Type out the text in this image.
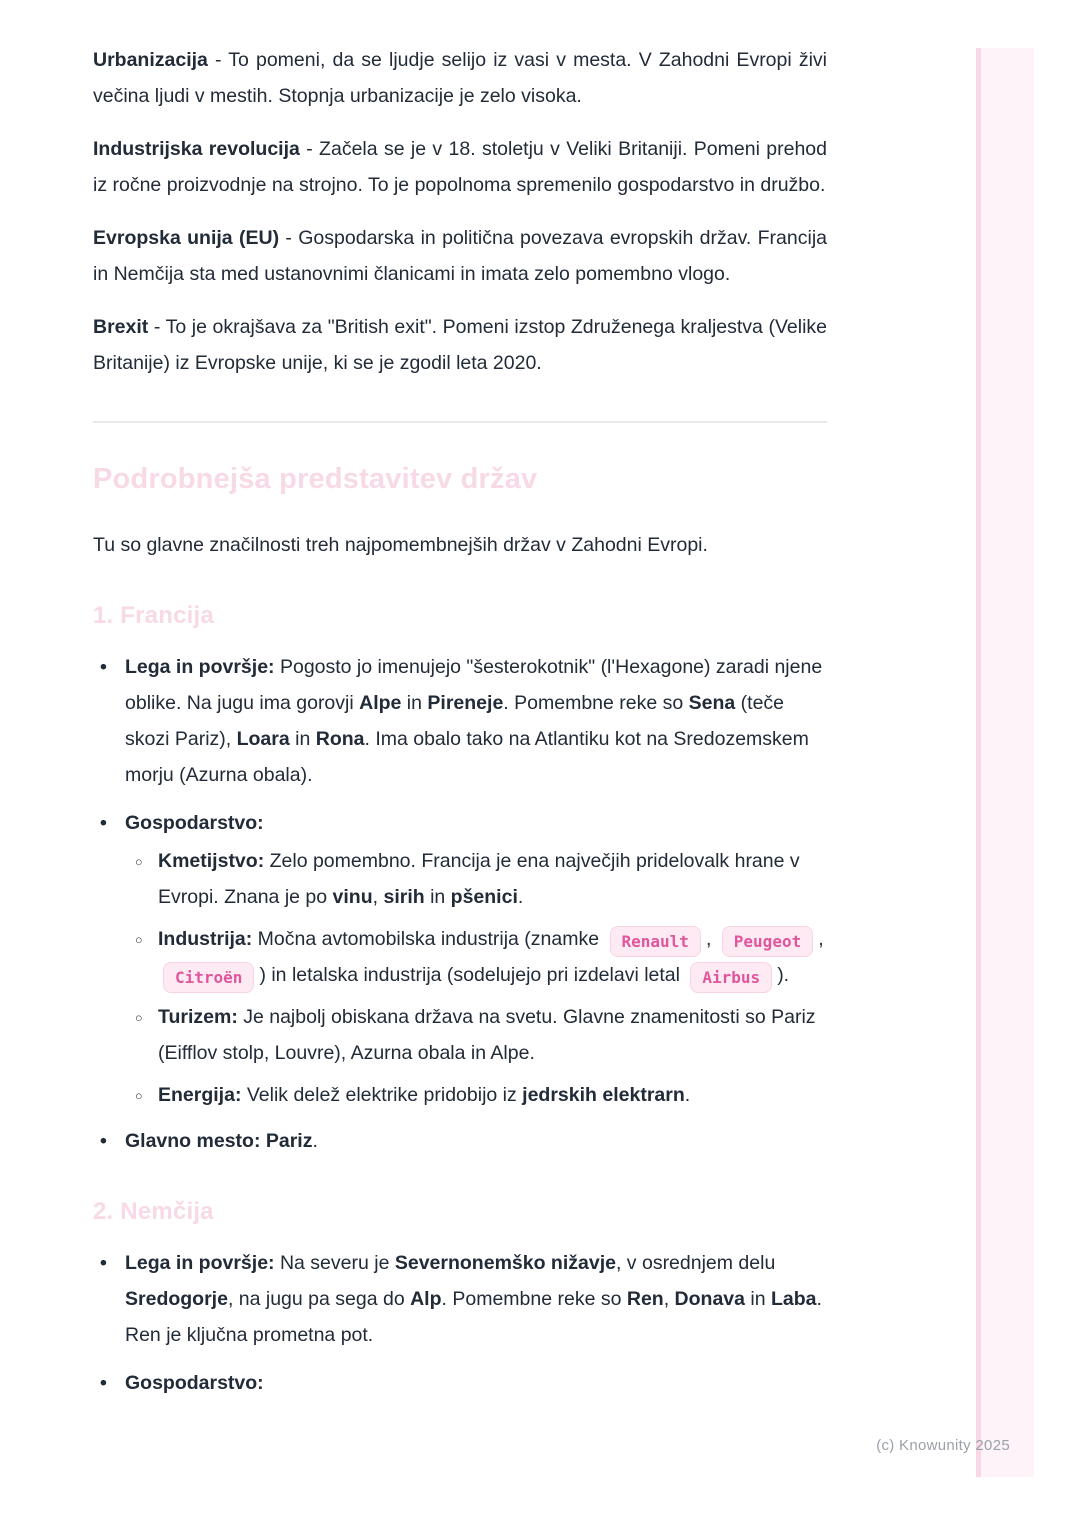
Urbanizacija - To pomeni, da se ljudje selijo iz vasi v mesta. V Zahodni Evropi živi večina ljudi v mestih. Stopnja urbanizacije je zelo visoka.

Industrijska revolucija - Začela se je v 18. stoletju v Veliki Britaniji. Pomeni prehod iz ročne proizvodnje na strojno. To je popolnoma spremenilo gospodarstvo in družbo.

Evropska unija (EU) - Gospodarska in politična povezava evropskih držav. Francija in Nemčija sta med ustanovnimi članicami in imata zelo pomembno vlogo.

Brexit - To je okrajšava za "British exit". Pomeni izstop Združenega kraljestva (Velike Britanije) iz Evropske unije, ki se je zgodil leta 2020.

Podrobnejša predstavitev držav

Tu so glavne značilnosti treh najpomembnejših držav v Zahodni Evropi.

1. Francija
• Lega in površje: Pogosto jo imenujejo "šesterokotnik" (l'Hexagone) zaradi njene oblike. Na jugu ima gorovji Alpe in Pireneje. Pomembne reke so Sena (teče skozi Pariz), Loara in Rona. Ima obalo tako na Atlantiku kot na Sredozemskem morju (Azurna obala).
• Gospodarstvo:
○ Kmetijstvo: Zelo pomembno. Francija je ena največjih pridelovalk hrane v Evropi. Znana je po vinu, sirih in pšenici.
○ Industrija: Močna avtomobilska industrija (znamke Renault , Peugeot , Citroën ) in letalska industrija (sodelujejo pri izdelavi letal Airbus ).
○ Turizem: Je najbolj obiskana država na svetu. Glavne znamenitosti so Pariz (Eifflov stolp, Louvre), Azurna obala in Alpe.
○ Energija: Velik delež elektrike pridobijo iz jedrskih elektrarn.
• Glavno mesto: Pariz.
2. Nemčija
• Lega in površje: Na severu je Severnonemško nižavje, v osrednjem delu Sredogorje, na jugu pa sega do Alp. Pomembne reke so Ren, Donava in Laba. Ren je ključna prometna pot.
• Gospodarstvo:
(c) Knowunity 2025
